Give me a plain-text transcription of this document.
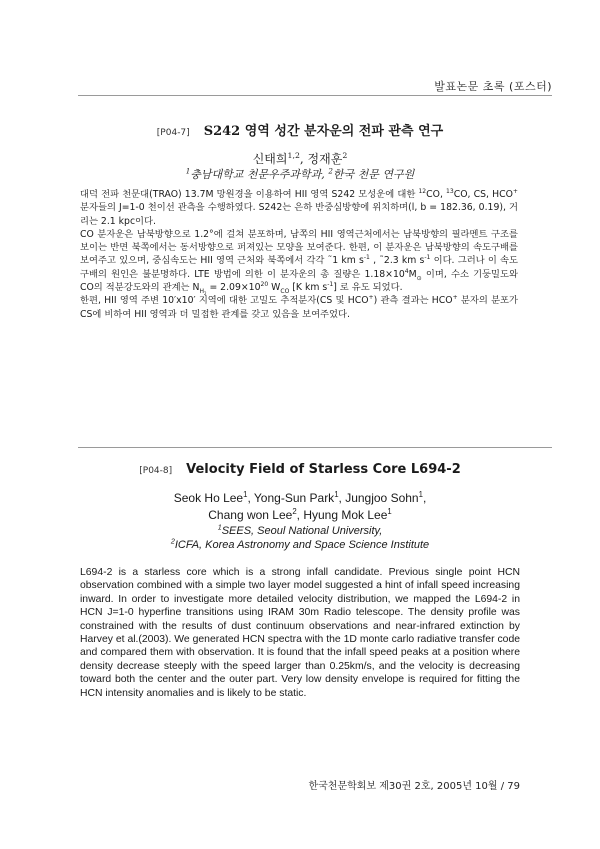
발표논문 초록 (포스터)
[P04-7] S242 영역 성간 분자운의 전파 관측 연구
신태희$^{1,2}$, 정재훈$^2$
$^1$충남대학교 천문우주과학과, $^2$한국 천문 연구원

대덕 전파 천문대(TRAO) 13.7M 망원경을 이용하여 HII 영역 S242 모성운에 대한 $^{12}$CO, $^{13}$CO, CS, HCO+ 분자들의 J=1-0 천이선 관측을 수행하였다. S242는 은하 반중심방향에 위치하며(l, b = 182.36, 0.19), 거리는 2.1 kpc이다.

CO 분자운은 남북방향으로 1.2°에 걸쳐 분포하며, 남쪽의 HII 영역근처에서는 남북방향의 필라멘트 구조를 보이는 반면 북쪽에서는 동서방향으로 퍼져있는 모양을 보여준다. 한편, 이 분자운은 남북방향의 속도구배를 보여주고 있으며, 중심속도는 HII 영역 근처와 북쪽에서 각각 ˜1 km $s^{-1}$ , ˜2.3 km $s^{-1}$ 이다. 그러나 이 속도구배의 원인은 불분명하다. LTE 방법에 의한 이 분자운의 총 질량은 $1.18\times 10^4M_⊙$ 이며, 수소 기둥밀도와 CO의 적분강도와의 관계는 $N_{H_2} = 2.09\times 10^{20}$ $W_{CO}$ [K km $s^{-1}$] 로 유도 되었다.

한편, HII 영역 주변 10′x10′ 지역에 대한 고밀도 추적분자(CS 및 HCO+) 관측 결과는 HCO+ 분자의 분포가 CS에 비하여 HII 영역과 더 밀접한 관계를 갖고 있음을 보여주었다.

[P04-8] Velocity Field of Starless Core L694-2
Seok Ho Lee$^1$, Yong-Sun Park$^1$, Jungjoo Sohn$^1$,
Chang won Lee$^2$, Hyung Mok Lee$^1$
$^1$SEES, Seoul National University,
$^2$ICFA, Korea Astronomy and Space Science Institute
L694-2 is a starless core which is a strong infall candidate. Previous single point HCN observation combined with a simple two layer model suggested a hint of infall speed increasing inward. In order to investigate more detailed velocity distribution, we mapped the L694-2 in HCN J=1-0 hyperfine transitions using IRAM 30m Radio telescope. The density profile was constrained with the results of dust continuum observations and near-infrared extinction by Harvey et al.(2003). We generated HCN spectra with the 1D monte carlo radiative transfer code and compared them with observation. It is found that the infall speed peaks at a position where density decrease steeply with the speed larger than 0.25km/s, and the velocity is decreasing toward both the center and the outer part. Very low density envelope is required for fitting the HCN intensity anomalies and is likely to be static.
한국천문학회보 제30권 2호, 2005년 10월 / 79
